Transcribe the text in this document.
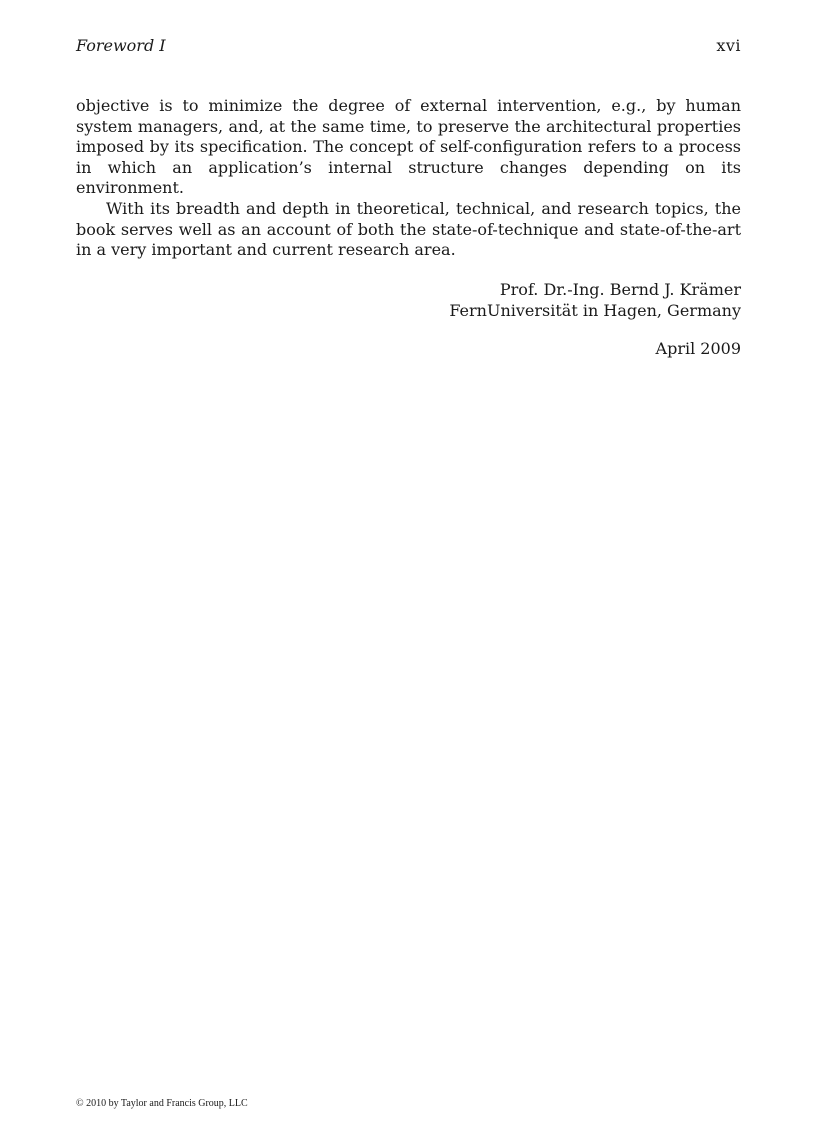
Foreword I	xvi

objective is to minimize the degree of external intervention, e.g., by human system managers, and, at the same time, to preserve the architectural properties imposed by its specification. The concept of self-configuration refers to a process in which an application’s internal structure changes depending on its environment.

With its breadth and depth in theoretical, technical, and research topics, the book serves well as an account of both the state-of-technique and state-of-the-art in a very important and current research area.

Prof. Dr.-Ing. Bernd J. Krämer
FernUniversität in Hagen, Germany
April 2009
© 2010 by Taylor and Francis Group, LLC
